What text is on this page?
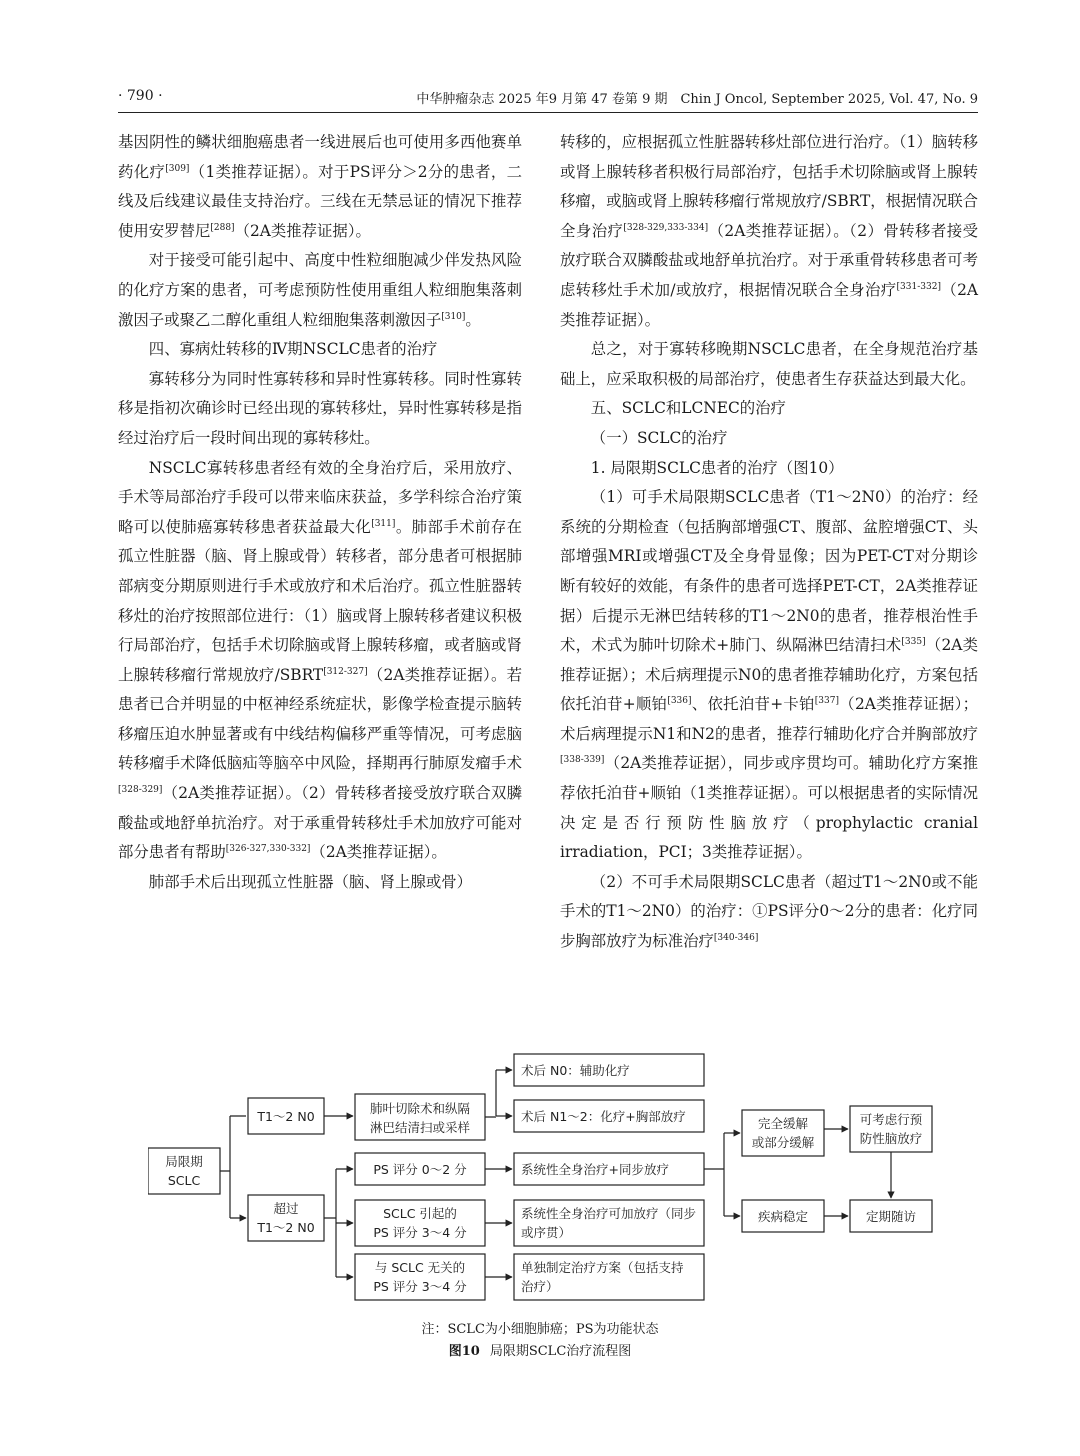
· 790 ·	中华肿瘤杂志 2025 年9 月第 47 卷第 9 期　Chin J Oncol, September 2025, Vol. 47, No. 9

基因阴性的鳞状细胞癌患者一线进展后也可使用多西他赛单药化疗[309]（1类推荐证据）。对于PS评分＞2分的患者，二线及后线建议最佳支持治疗。三线在无禁忌证的情况下推荐使用安罗替尼[288]（2A类推荐证据）。

对于接受可能引起中、高度中性粒细胞减少伴发热风险的化疗方案的患者，可考虑预防性使用重组人粒细胞集落刺激因子或聚乙二醇化重组人粒细胞集落刺激因子[310]。

四、寡病灶转移的Ⅳ期NSCLC患者的治疗

寡转移分为同时性寡转移和异时性寡转移。同时性寡转移是指初次确诊时已经出现的寡转移灶，异时性寡转移是指经过治疗后一段时间出现的寡转移灶。

NSCLC寡转移患者经有效的全身治疗后，采用放疗、手术等局部治疗手段可以带来临床获益，多学科综合治疗策略可以使肺癌寡转移患者获益最大化[311]。肺部手术前存在孤立性脏器（脑、肾上腺或骨）转移者，部分患者可根据肺部病变分期原则进行手术或放疗和术后治疗。孤立性脏器转移灶的治疗按照部位进行：（1）脑或肾上腺转移者建议积极行局部治疗，包括手术切除脑或肾上腺转移瘤，或者脑或肾上腺转移瘤行常规放疗/SBRT[312-327]（2A类推荐证据）。若患者已合并明显的中枢神经系统症状，影像学检查提示脑转移瘤压迫水肿显著或有中线结构偏移严重等情况，可考虑脑转移瘤手术降低脑疝等脑卒中风险，择期再行肺原发瘤手术[328-329]（2A类推荐证据）。（2）骨转移者接受放疗联合双膦酸盐或地舒单抗治疗。对于承重骨转移灶手术加放疗可能对部分患者有帮助[326-327,330-332]（2A类推荐证据）。

肺部手术后出现孤立性脏器（脑、肾上腺或骨）

转移的，应根据孤立性脏器转移灶部位进行治疗。（1）脑转移或肾上腺转移者积极行局部治疗，包括手术切除脑或肾上腺转移瘤，或脑或肾上腺转移瘤行常规放疗/SBRT，根据情况联合全身治疗[328-329,333-334]（2A类推荐证据）。（2）骨转移者接受放疗联合双膦酸盐或地舒单抗治疗。对于承重骨转移患者可考虑转移灶手术加/或放疗，根据情况联合全身治疗[331-332]（2A类推荐证据）。

总之，对于寡转移晚期NSCLC患者，在全身规范治疗基础上，应采取积极的局部治疗，使患者生存获益达到最大化。

五、SCLC和LCNEC的治疗

（一）SCLC的治疗

1. 局限期SCLC患者的治疗（图10）

（1）可手术局限期SCLC患者（T1～2N0）的治疗：经系统的分期检查（包括胸部增强CT、腹部、盆腔增强CT、头部增强MRI或增强CT及全身骨显像；因为PET-CT对分期诊断有较好的效能，有条件的患者可选择PET-CT，2A类推荐证据）后提示无淋巴结转移的T1～2N0的患者，推荐根治性手术，术式为肺叶切除术+肺门、纵隔淋巴结清扫术[335]（2A类推荐证据）；术后病理提示N0的患者推荐辅助化疗，方案包括依托泊苷+顺铂[336]、依托泊苷+卡铂[337]（2A类推荐证据）；术后病理提示N1和N2的患者，推荐行辅助化疗合并胸部放疗[338-339]（2A类推荐证据），同步或序贯均可。辅助化疗方案推荐依托泊苷+顺铂（1类推荐证据）。可以根据患者的实际情况决定是否行预防性脑放疗（prophylactic cranial irradiation，PCI；3类推荐证据）。

（2）不可手术局限期SCLC患者（超过T1～2N0或不能手术的T1～2N0）的治疗：①PS评分0～2分的患者：化疗同步胸部放疗为标准治疗[340-346]

局限期
SCLC
T1～2 N0
超过
T1～2 N0
肺叶切除术和纵隔
淋巴结清扫或采样
PS 评分 0～2 分
SCLC 引起的
PS 评分 3～4 分
与 SCLC 无关的
PS 评分 3～4 分
完全缓解
或部分缓解
可考虑行预
防性脑放疗
疾病稳定	定期随访
术后 N0：辅助化疗
术后 N1～2：化疗+胸部放疗
系统性全身治疗+同步放疗
系统性全身治疗可加放疗（同步
或序贯）
单独制定治疗方案（包括支持
治疗）
注：SCLC为小细胞肺癌；PS为功能状态
图10 局限期SCLC治疗流程图
